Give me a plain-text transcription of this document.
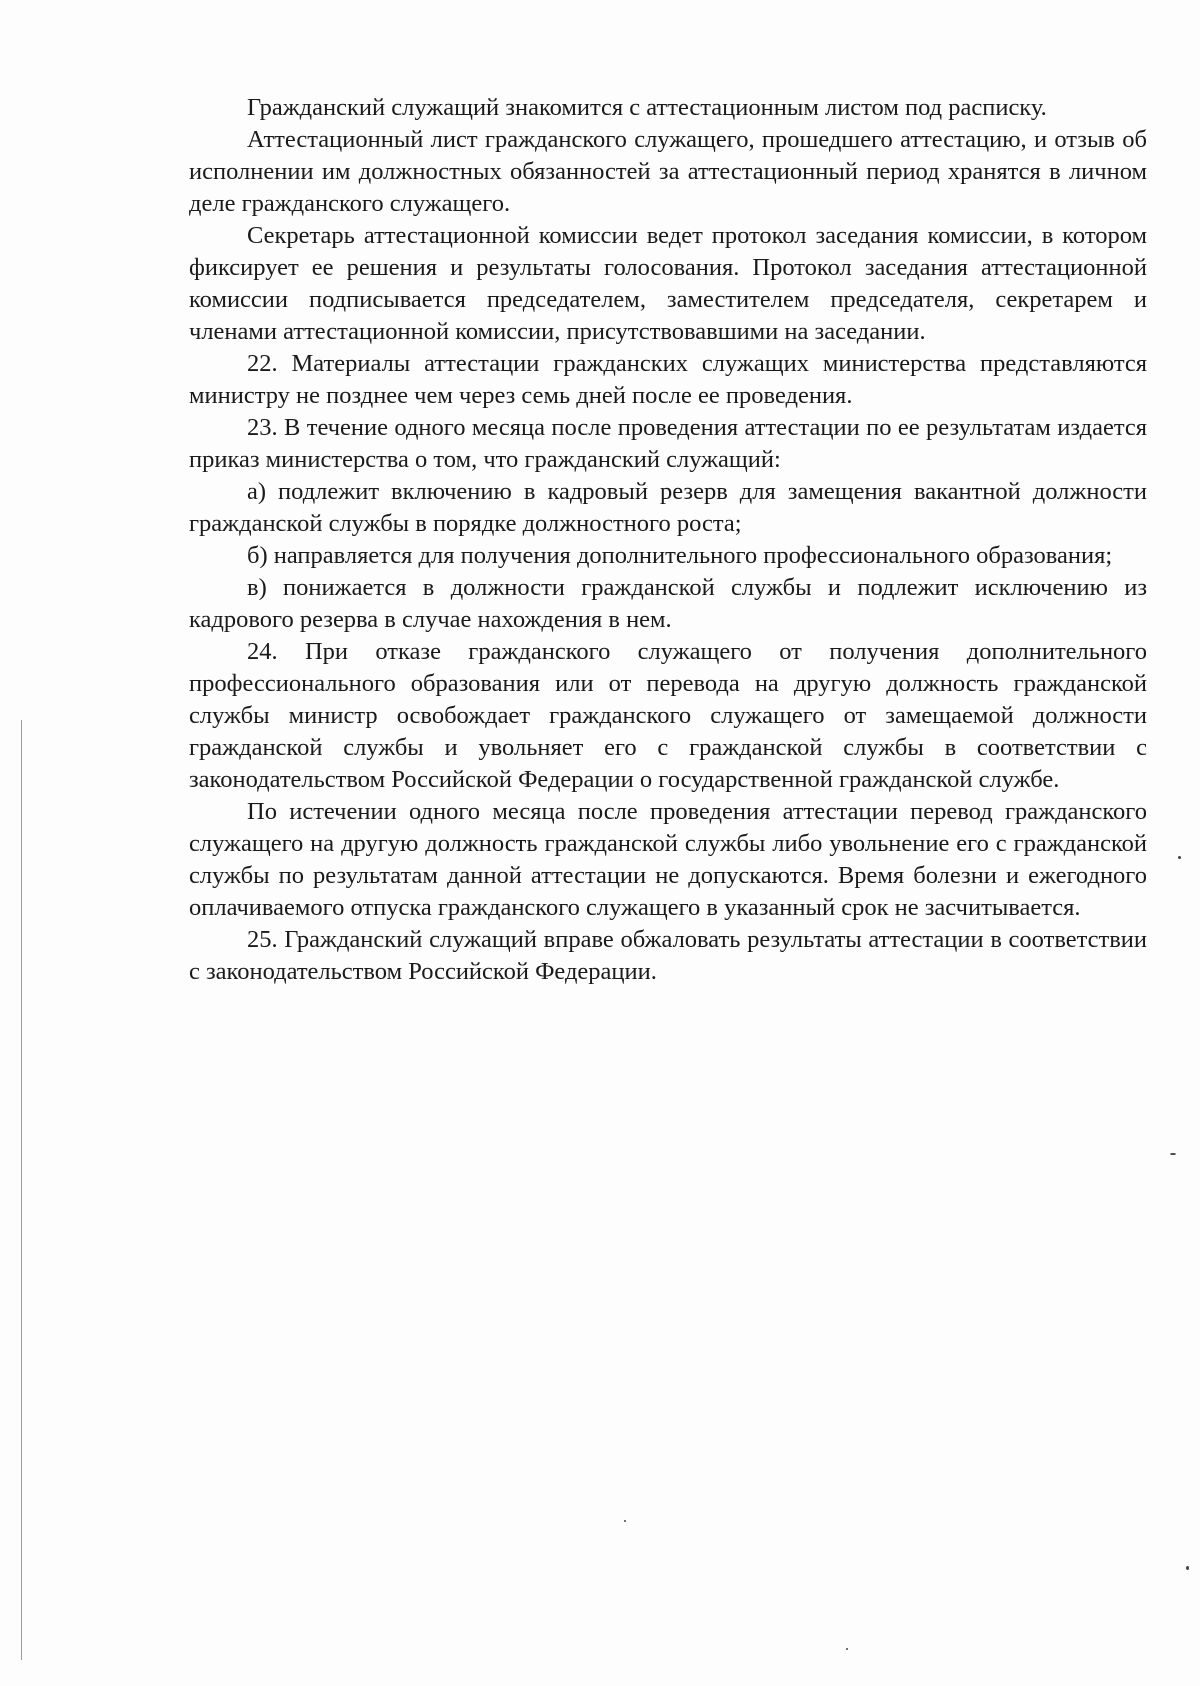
Гражданский служащий знакомится с аттестационным листом под расписку.

Аттестационный лист гражданского служащего, прошедшего аттестацию, и отзыв об исполнении им должностных обязанностей за аттестационный период хранятся в личном деле гражданского служащего.

Секретарь аттестационной комиссии ведет протокол заседания комиссии, в котором фиксирует ее решения и результаты голосования. Протокол заседания аттестационной комиссии подписывается председателем, заместителем председателя, секретарем и членами аттестационной комиссии, присутствовавшими на заседании.

22. Материалы аттестации гражданских служащих министерства представляются министру не позднее чем через семь дней после ее проведения.

23. В течение одного месяца после проведения аттестации по ее результатам издается приказ министерства о том, что гражданский служащий:

а) подлежит включению в кадровый резерв для замещения вакантной должности гражданской службы в порядке должностного роста;

б) направляется для получения дополнительного профессионального образования;

в) понижается в должности гражданской службы и подлежит исключению из кадрового резерва в случае нахождения в нем.

24. При отказе гражданского служащего от получения дополнительного профессионального образования или от перевода на другую должность гражданской службы министр освобождает гражданского служащего от замещаемой должности гражданской службы и увольняет его с гражданской службы в соответствии с законодательством Российской Федерации о государственной гражданской службе.

По истечении одного месяца после проведения аттестации перевод гражданского служащего на другую должность гражданской службы либо увольнение его с гражданской службы по результатам данной аттестации не допускаются. Время болезни и ежегодного оплачиваемого отпуска гражданского служащего в указанный срок не засчитывается.

25. Гражданский служащий вправе обжаловать результаты аттестации в соответствии с законодательством Российской Федерации.
